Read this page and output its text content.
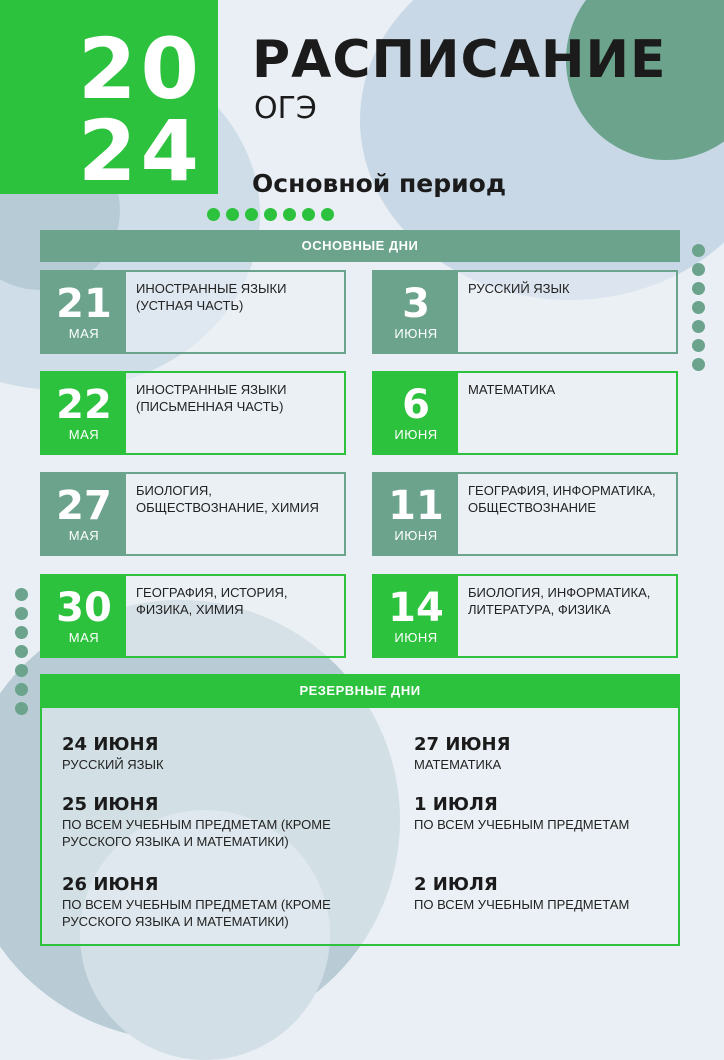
20
24
РАСПИСАНИЕ
ОГЭ
Основной период
ОСНОВНЫЕ ДНИ
21
МАЯ
ИНОСТРАННЫЕ ЯЗЫКИ (УСТНАЯ ЧАСТЬ)
22
МАЯ
ИНОСТРАННЫЕ ЯЗЫКИ (ПИСЬМЕННАЯ ЧАСТЬ)
27
МАЯ
БИОЛОГИЯ, ОБЩЕСТВОЗНАНИЕ, ХИМИЯ
30
МАЯ
ГЕОГРАФИЯ, ИСТОРИЯ, ФИЗИКА, ХИМИЯ
3
ИЮНЯ
РУССКИЙ ЯЗЫК
6
ИЮНЯ
МАТЕМАТИКА
11
ИЮНЯ
ГЕОГРАФИЯ, ИНФОРМАТИКА, ОБЩЕСТВОЗНАНИЕ
14
ИЮНЯ
БИОЛОГИЯ, ИНФОРМАТИКА, ЛИТЕРАТУРА, ФИЗИКА
РЕЗЕРВНЫЕ ДНИ
24 ИЮНЯ
РУССКИЙ ЯЗЫК
25 ИЮНЯ
ПО ВСЕМ УЧЕБНЫМ ПРЕДМЕТАМ (КРОМЕ РУССКОГО ЯЗЫКА И МАТЕМАТИКИ)
26 ИЮНЯ
ПО ВСЕМ УЧЕБНЫМ ПРЕДМЕТАМ (КРОМЕ РУССКОГО ЯЗЫКА И МАТЕМАТИКИ)
27 ИЮНЯ
МАТЕМАТИКА
1 ИЮЛЯ
ПО ВСЕМ УЧЕБНЫМ ПРЕДМЕТАМ
2 ИЮЛЯ
ПО ВСЕМ УЧЕБНЫМ ПРЕДМЕТАМ
